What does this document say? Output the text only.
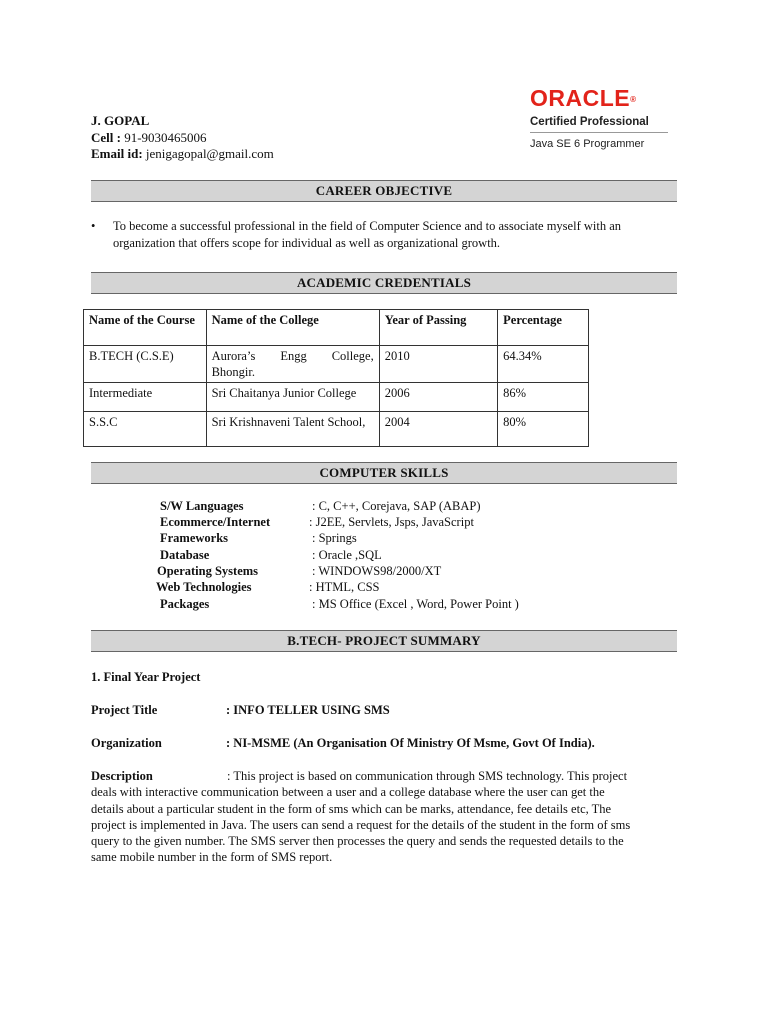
J. GOPAL
Cell : 91-9030465006
Email id: jenigagopal@gmail.com
ORACLE®
Certified Professional
Java SE 6 Programmer
CAREER OBJECTIVE
• To become a successful professional in the field of Computer Science and to associate myself with an organization that offers scope for individual as well as organizational growth.
ACADEMIC CREDENTIALS
Name of the Course	Name of the College	Year of Passing	Percentage
B.TECH (C.S.E)	Aurora’s Engg College, Bhongir.	2010	64.34%
Intermediate	Sri Chaitanya Junior College	2006	86%
S.S.C	Sri Krishnaveni Talent School,	2004	80%
COMPUTER SKILLS
S/W Languages	: C, C++, Corejava, SAP (ABAP)
Ecommerce/Internet	: J2EE, Servlets, Jsps, JavaScript
Frameworks	: Springs
Database	: Oracle ,SQL
Operating Systems	: WINDOWS98/2000/XT
Web Technologies	: HTML, CSS
Packages	: MS Office (Excel , Word, Power Point )
B.TECH- PROJECT SUMMARY
1. Final Year Project
Project Title	: INFO TELLER USING SMS
Organization	: NI-MSME (An Organisation Of Ministry Of Msme, Govt Of India).
Description	: This project is based on communication through SMS technology. This project deals with interactive communication between a user and a college database where the user can get the details about a particular student in the form of sms which can be marks, attendance, fee details etc, The project is implemented in Java. The users can send a request for the details of the student in the form of sms query to the given number. The SMS server then processes the query and sends the requested details to the same mobile number in the form of SMS report.
